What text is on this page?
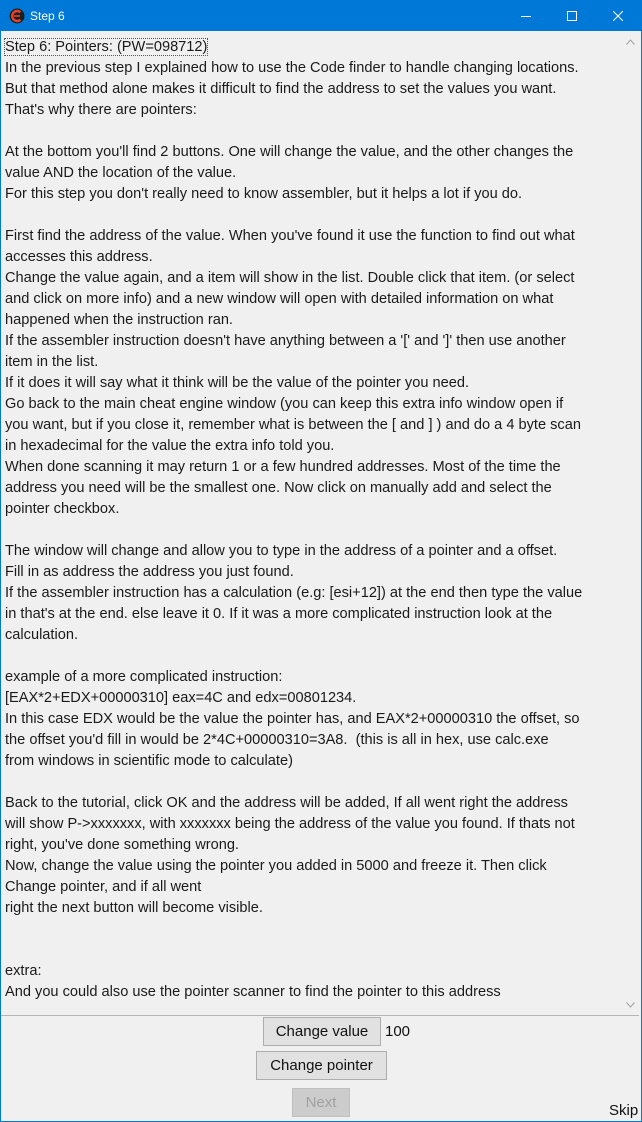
Step 6
Step 6: Pointers: (PW=098712)
In the previous step I explained how to use the Code finder to handle changing locations.
But that method alone makes it difficult to find the address to set the values you want.
That's why there are pointers:
At the bottom you'll find 2 buttons. One will change the value, and the other changes the
value AND the location of the value.
For this step you don't really need to know assembler, but it helps a lot if you do.
First find the address of the value. When you've found it use the function to find out what
accesses this address.
Change the value again, and a item will show in the list. Double click that item. (or select
and click on more info) and a new window will open with detailed information on what
happened when the instruction ran.
If the assembler instruction doesn't have anything between a '[' and ']' then use another
item in the list.
If it does it will say what it think will be the value of the pointer you need.
Go back to the main cheat engine window (you can keep this extra info window open if
you want, but if you close it, remember what is between the [ and ] ) and do a 4 byte scan
in hexadecimal for the value the extra info told you.
When done scanning it may return 1 or a few hundred addresses. Most of the time the
address you need will be the smallest one. Now click on manually add and select the
pointer checkbox.
The window will change and allow you to type in the address of a pointer and a offset.
Fill in as address the address you just found.
If the assembler instruction has a calculation (e.g: [esi+12]) at the end then type the value
in that's at the end. else leave it 0. If it was a more complicated instruction look at the
calculation.
example of a more complicated instruction:
[EAX*2+EDX+00000310] eax=4C and edx=00801234.
In this case EDX would be the value the pointer has, and EAX*2+00000310 the offset, so
the offset you'd fill in would be 2*4C+00000310=3A8.  (this is all in hex, use calc.exe
from windows in scientific mode to calculate)
Back to the tutorial, click OK and the address will be added, If all went right the address
will show P->xxxxxxx, with xxxxxxx being the address of the value you found. If thats not
right, you've done something wrong.
Now, change the value using the pointer you added in 5000 and freeze it. Then click
Change pointer, and if all went
right the next button will become visible.
extra:
And you could also use the pointer scanner to find the pointer to this address
Change value	100
Change pointer
Next	Skip
